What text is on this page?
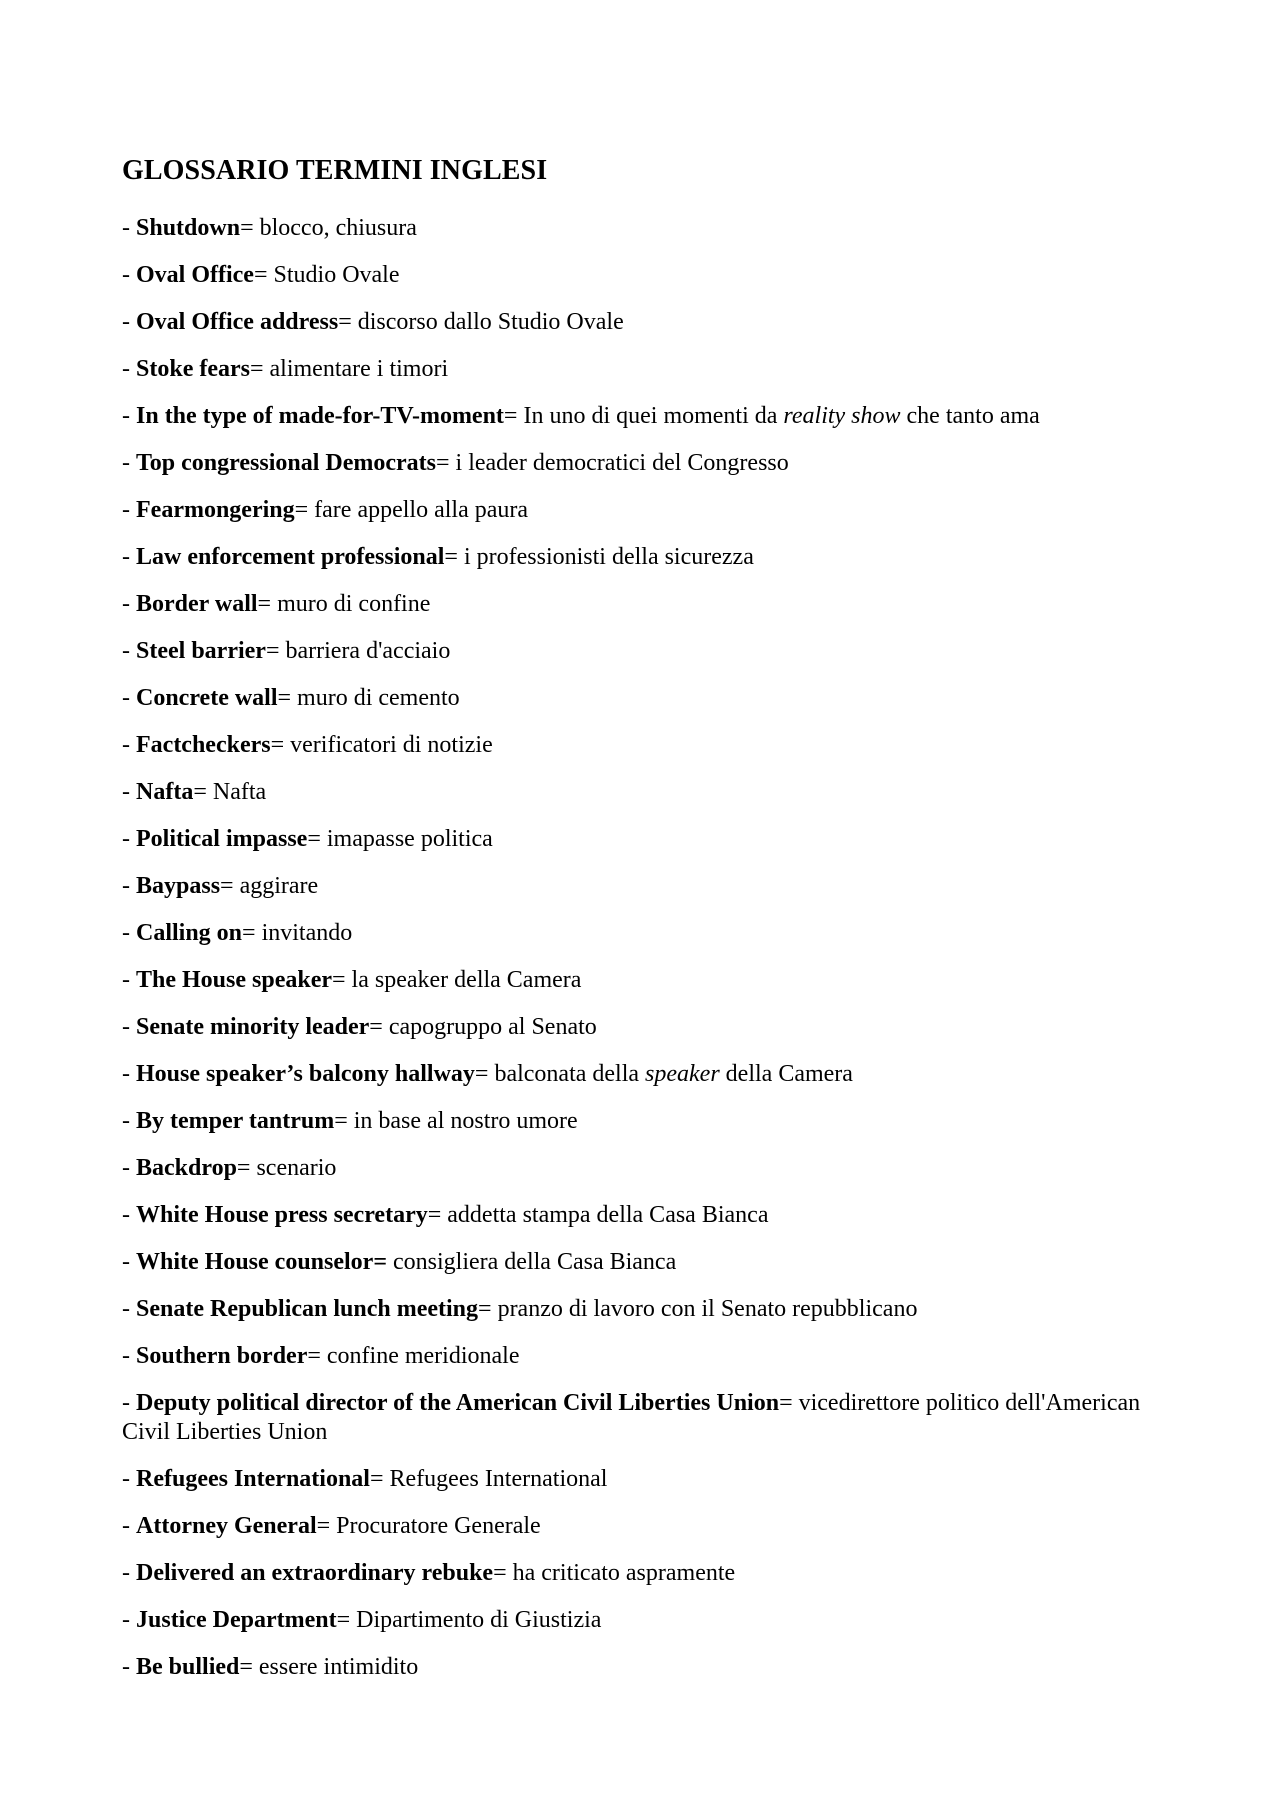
GLOSSARIO TERMINI INGLESI
- Shutdown= blocco, chiusura
- Oval Office= Studio Ovale
- Oval Office address= discorso dallo Studio Ovale
- Stoke fears= alimentare i timori
- In the type of made-for-TV-moment= In uno di quei momenti da reality show che tanto ama
- Top congressional Democrats= i leader democratici del Congresso
- Fearmongering= fare appello alla paura
- Law enforcement professional= i professionisti della sicurezza
- Border wall= muro di confine
- Steel barrier= barriera d'acciaio
- Concrete wall= muro di cemento
- Factcheckers= verificatori di notizie
- Nafta= Nafta
- Political impasse= imapasse politica
- Baypass= aggirare
- Calling on= invitando
- The House speaker= la speaker della Camera
- Senate minority leader= capogruppo al Senato
- House speaker’s balcony hallway= balconata della speaker della Camera
- By temper tantrum= in base al nostro umore
- Backdrop= scenario
- White House press secretary= addetta stampa della Casa Bianca
- White House counselor= consigliera della Casa Bianca
- Senate Republican lunch meeting= pranzo di lavoro con il Senato repubblicano
- Southern border= confine meridionale
- Deputy political director of the American Civil Liberties Union= vicedirettore politico dell'American Civil Liberties Union
- Refugees International= Refugees International
- Attorney General= Procuratore Generale
- Delivered an extraordinary rebuke= ha criticato aspramente
- Justice Department= Dipartimento di Giustizia
- Be bullied= essere intimidito
